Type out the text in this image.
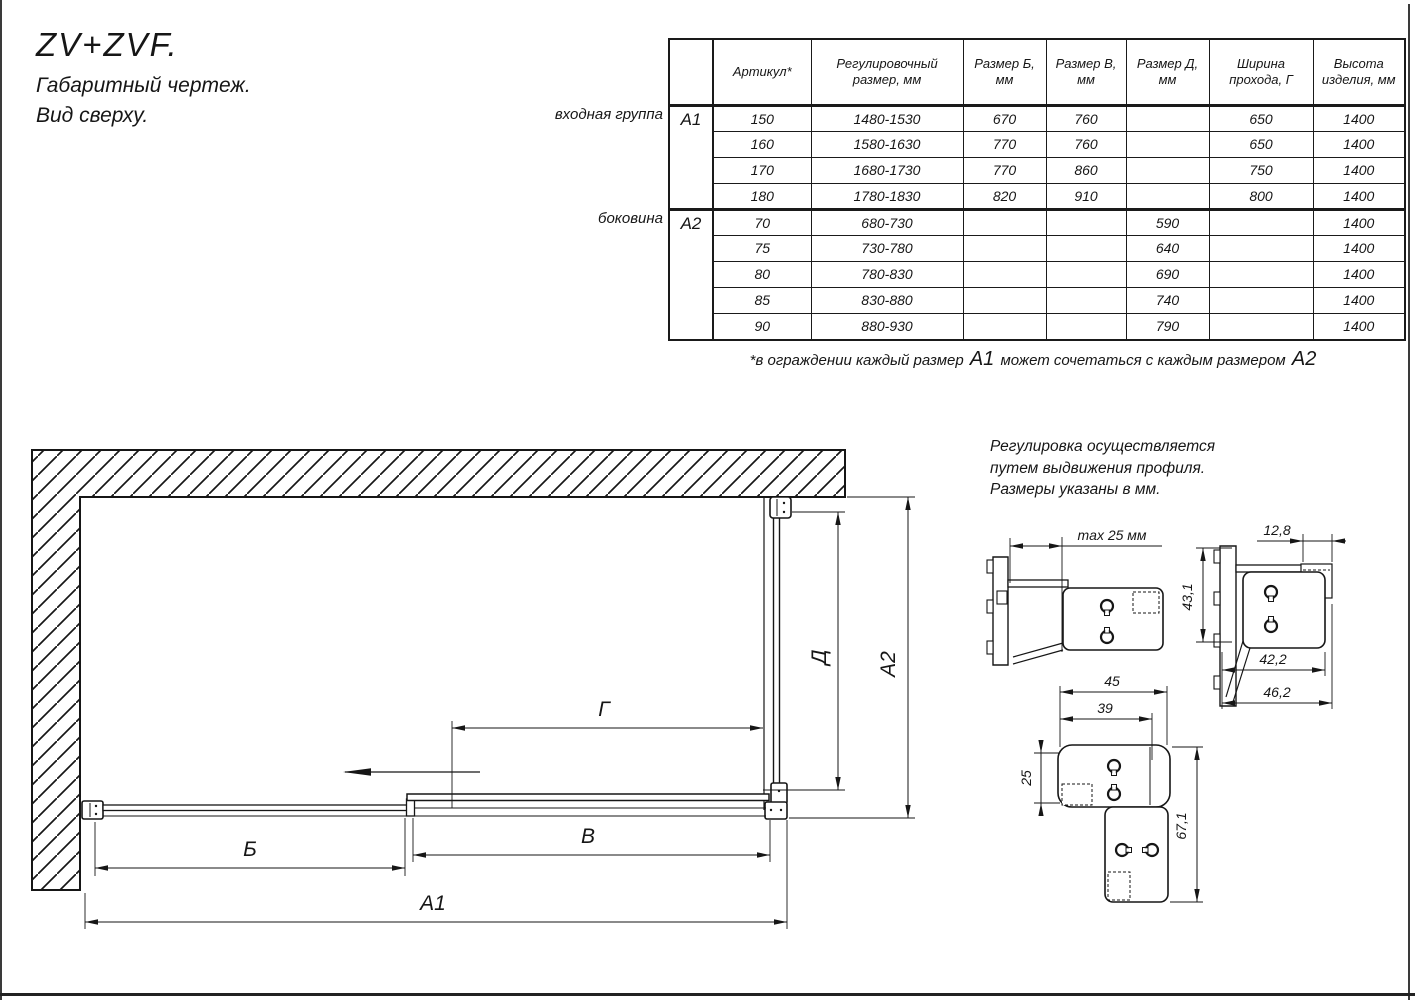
ZV+ZVF.
Габаритный чертеж.
Вид сверху.	входная группа
боковина
	Артикул*	Регулировочный размер, мм	Размер Б, мм	Размер В, мм	Размер Д, мм	Ширина прохода, Г	Высота изделия, мм
А1	150	1480-1530	670	760		650	1400
	160	1580-1630	770	760		650	1400
	170	1680-1730	770	860		750	1400
	180	1780-1830	820	910		800	1400
А2	70	680-730			590		1400
	75	730-780			640		1400
	80	780-830			690		1400
	85	830-880			740		1400
	90	880-930			790		1400
*в ограждении каждый размер А1 может сочетаться с каждым размером А2
Регулировка осуществляется
путем выдвижения профиля.
Размеры указаны в мм.
Г
Д А2
Б
В
А1
max 25 мм	12,8
43,1
42,2
46,2
45
39
25
67,1
